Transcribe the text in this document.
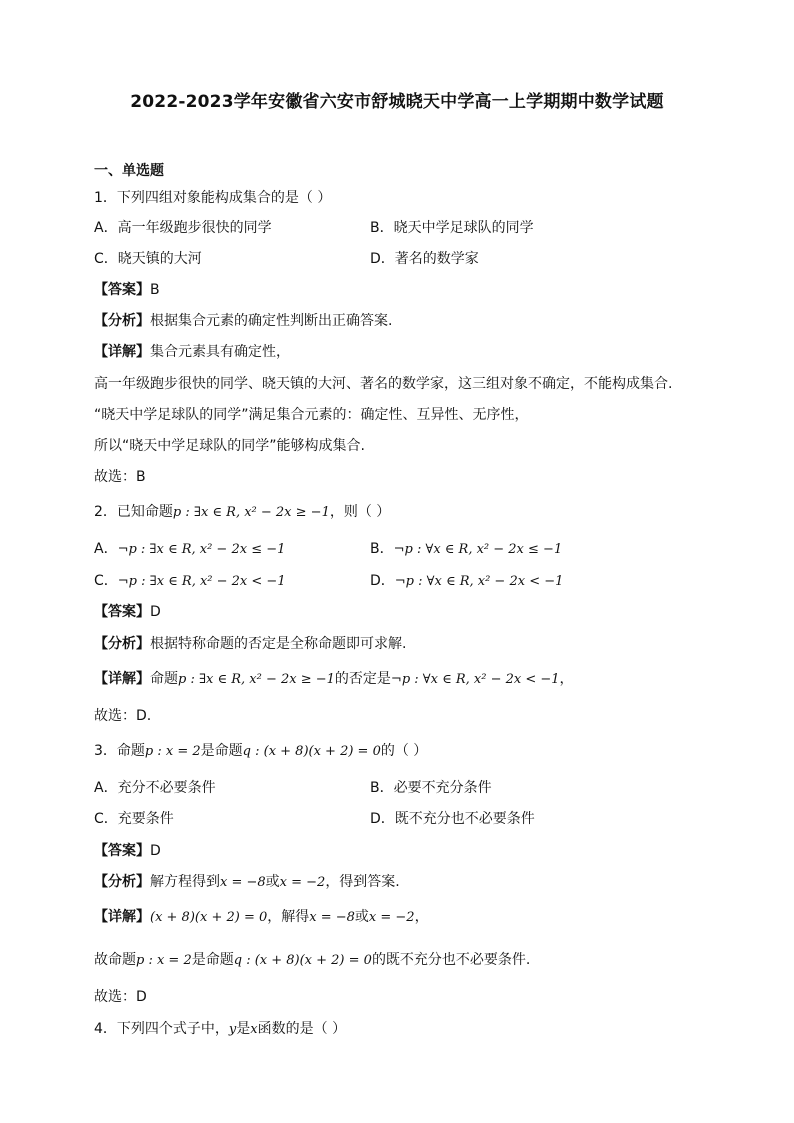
2022-2023学年安徽省六安市舒城晓天中学高一上学期期中数学试题
一、单选题
1．下列四组对象能构成集合的是（ ）
A．高一年级跑步很快的同学	B．晓天中学足球队的同学
C．晓天镇的大河	D．著名的数学家
【答案】B
【分析】根据集合元素的确定性判断出正确答案.
【详解】集合元素具有确定性，
高一年级跑步很快的同学、晓天镇的大河、著名的数学家，这三组对象不确定，不能构成集合.
“晓天中学足球队的同学”满足集合元素的：确定性、互异性、无序性，
所以“晓天中学足球队的同学”能够构成集合.
故选：B
2．已知命题p : ∃x ∈ R, x² − 2x ≥ −1，则（ ）
A．¬p : ∃x ∈ R, x² − 2x ≤ −1	B．¬p : ∀x ∈ R, x² − 2x ≤ −1
C．¬p : ∃x ∈ R, x² − 2x < −1	D．¬p : ∀x ∈ R, x² − 2x < −1
【答案】D
【分析】根据特称命题的否定是全称命题即可求解.
【详解】命题p : ∃x ∈ R, x² − 2x ≥ −1的否定是¬p : ∀x ∈ R, x² − 2x < −1，
故选：D.
3．命题p : x = 2是命题q : (x + 8)(x + 2) = 0的（ ）
A．充分不必要条件	B．必要不充分条件
C．充要条件	D．既不充分也不必要条件
【答案】D
【分析】解方程得到x = −8或x = −2，得到答案.
【详解】(x + 8)(x + 2) = 0，解得x = −8或x = −2，
故命题p : x = 2是命题q : (x + 8)(x + 2) = 0的既不充分也不必要条件.
故选：D
4．下列四个式子中，y是x函数的是（ ）
